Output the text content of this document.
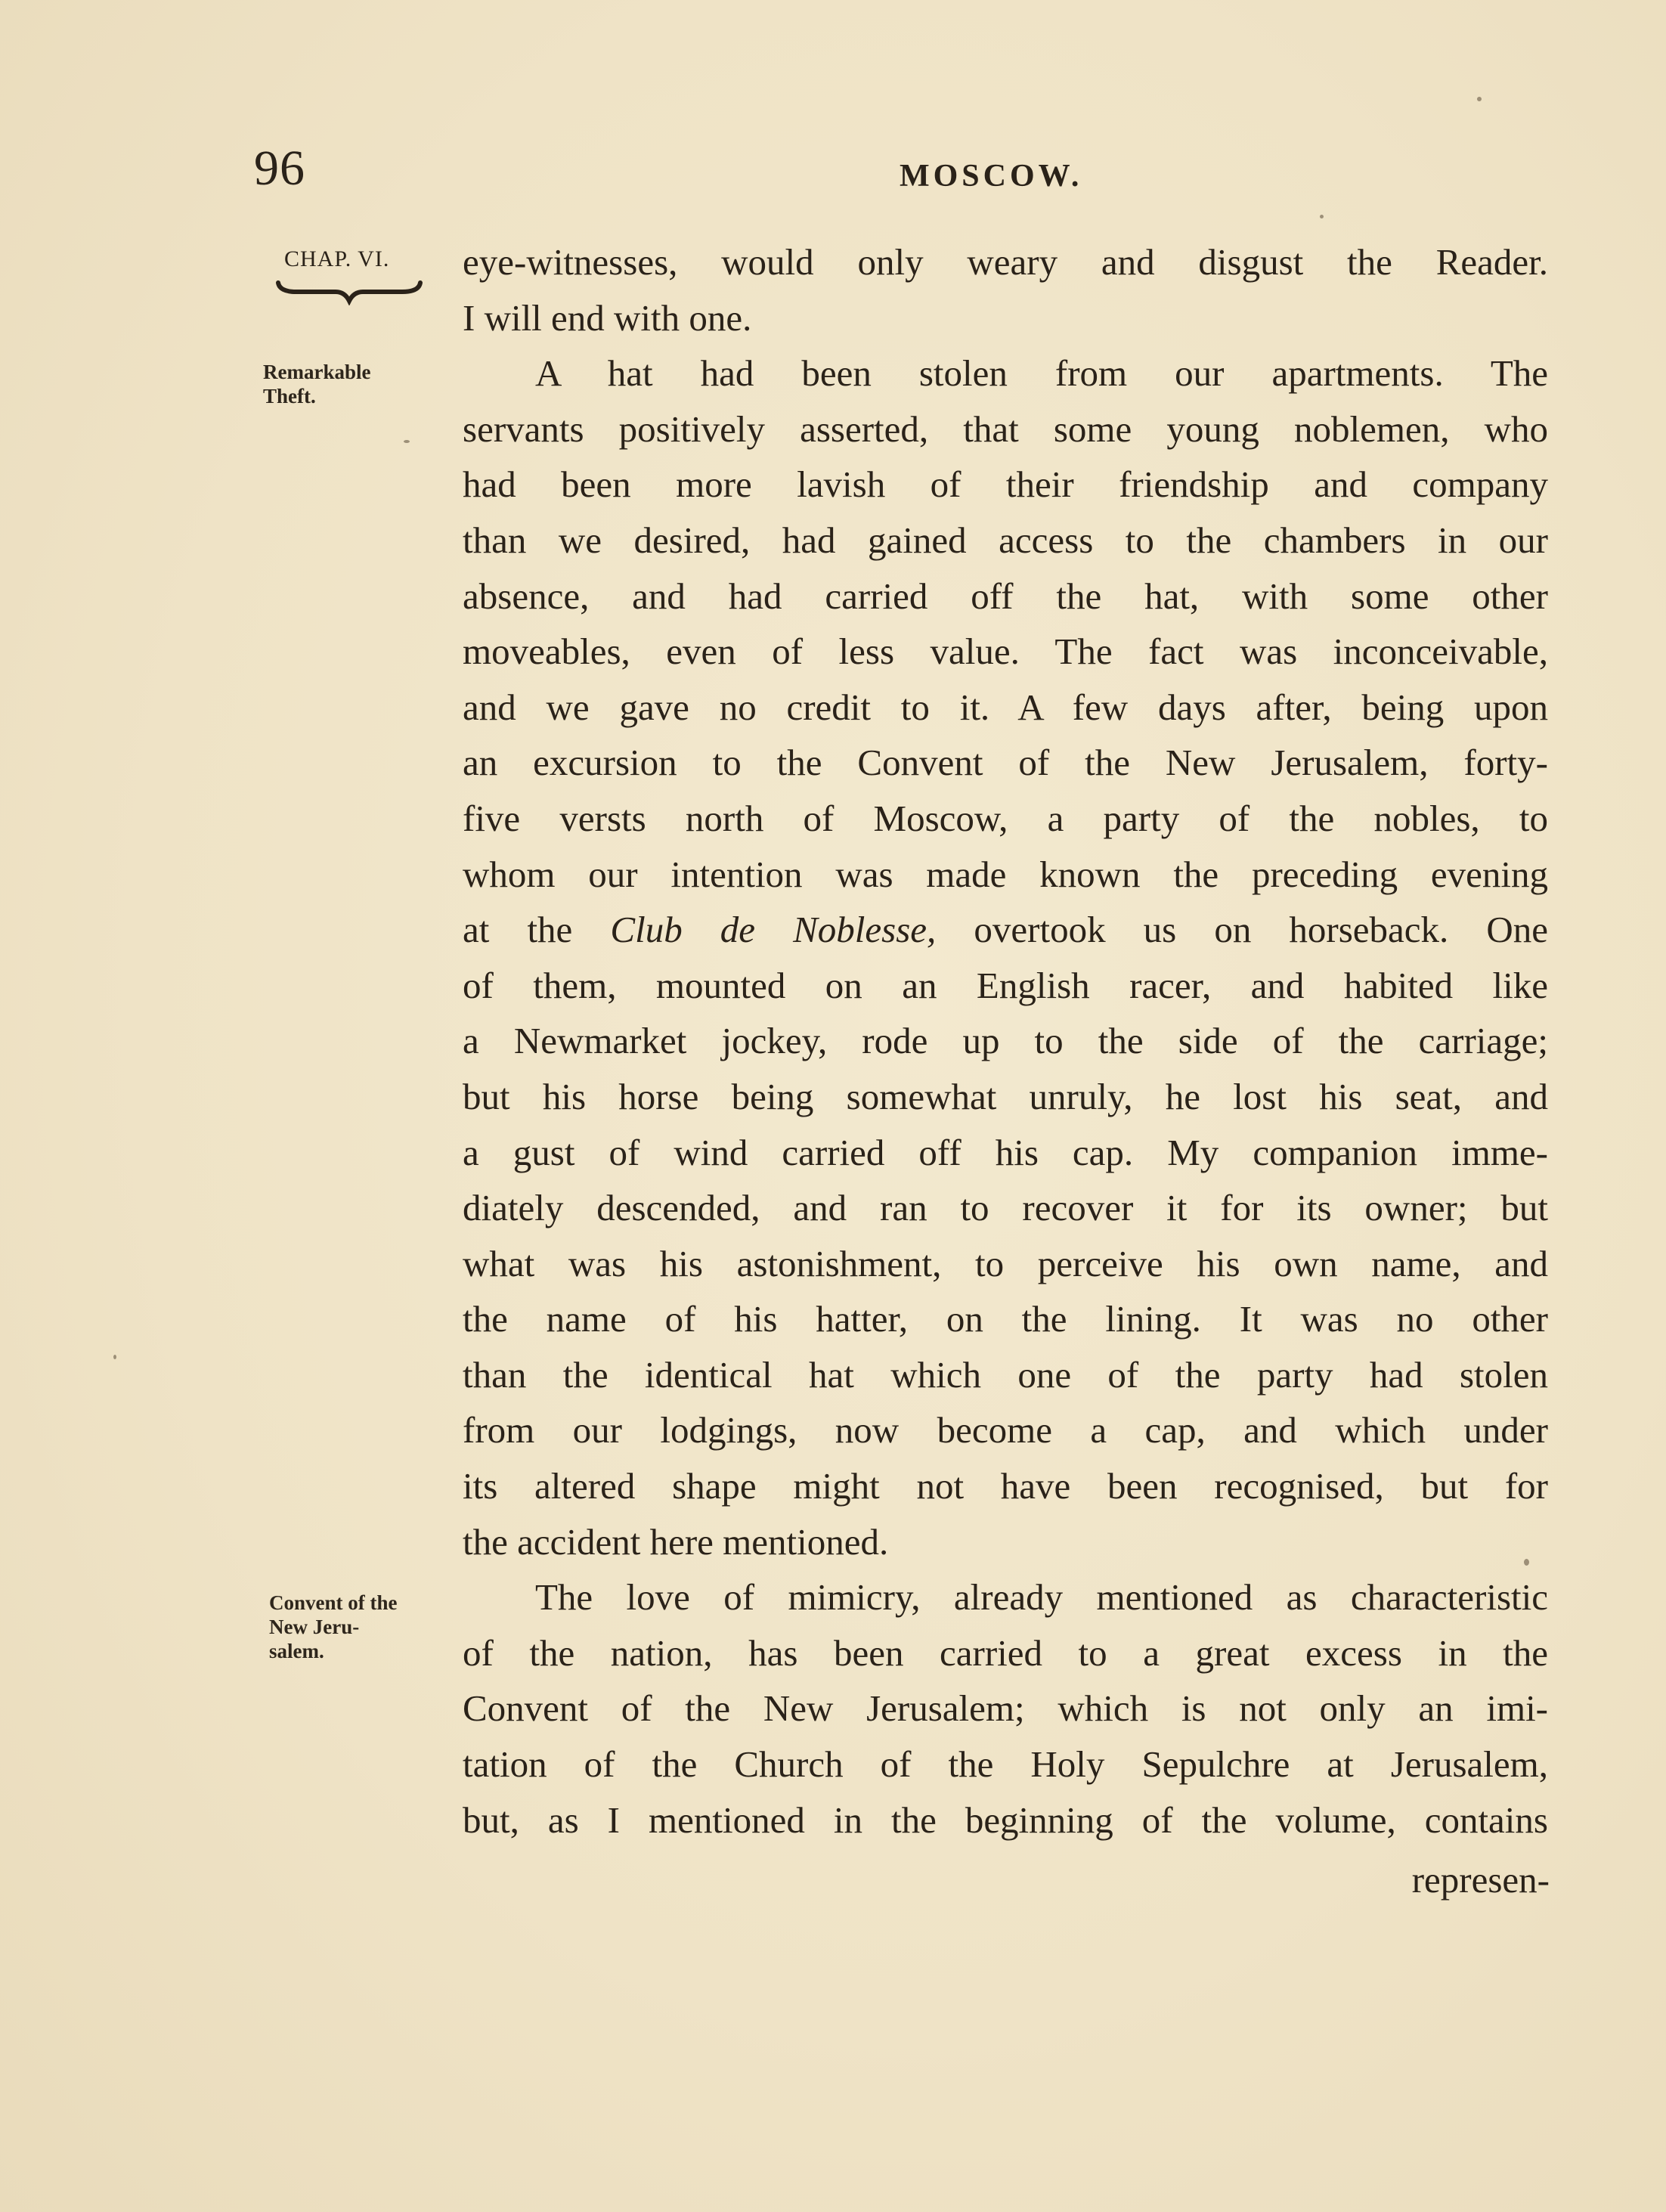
96	MOSCOW.
CHAP. VI.
Remarkable
Theft.
Convent of the
New Jeru-
salem.
eye-witnesses, would only weary and disgust the Reader.
I will end with one.
A hat had been stolen from our apartments. The
servants positively asserted, that some young noblemen, who
had been more lavish of their friendship and company
than we desired, had gained access to the chambers in our
absence, and had carried off the hat, with some other
moveables, even of less value. The fact was inconceivable,
and we gave no credit to it. A few days after, being upon
an excursion to the Convent of the New Jerusalem, forty-
five versts north of Moscow, a party of the nobles, to
whom our intention was made known the preceding evening
at the Club de Noblesse, overtook us on horseback. One
of them, mounted on an English racer, and habited like
a Newmarket jockey, rode up to the side of the carriage;
but his horse being somewhat unruly, he lost his seat, and
a gust of wind carried off his cap. My companion imme-
diately descended, and ran to recover it for its owner; but
what was his astonishment, to perceive his own name, and
the name of his hatter, on the lining. It was no other
than the identical hat which one of the party had stolen
from our lodgings, now become a cap, and which under
its altered shape might not have been recognised, but for
the accident here mentioned.
The love of mimicry, already mentioned as characteristic
of the nation, has been carried to a great excess in the
Convent of the New Jerusalem; which is not only an imi-
tation of the Church of the Holy Sepulchre at Jerusalem,
but, as I mentioned in the beginning of the volume, contains
represen-
